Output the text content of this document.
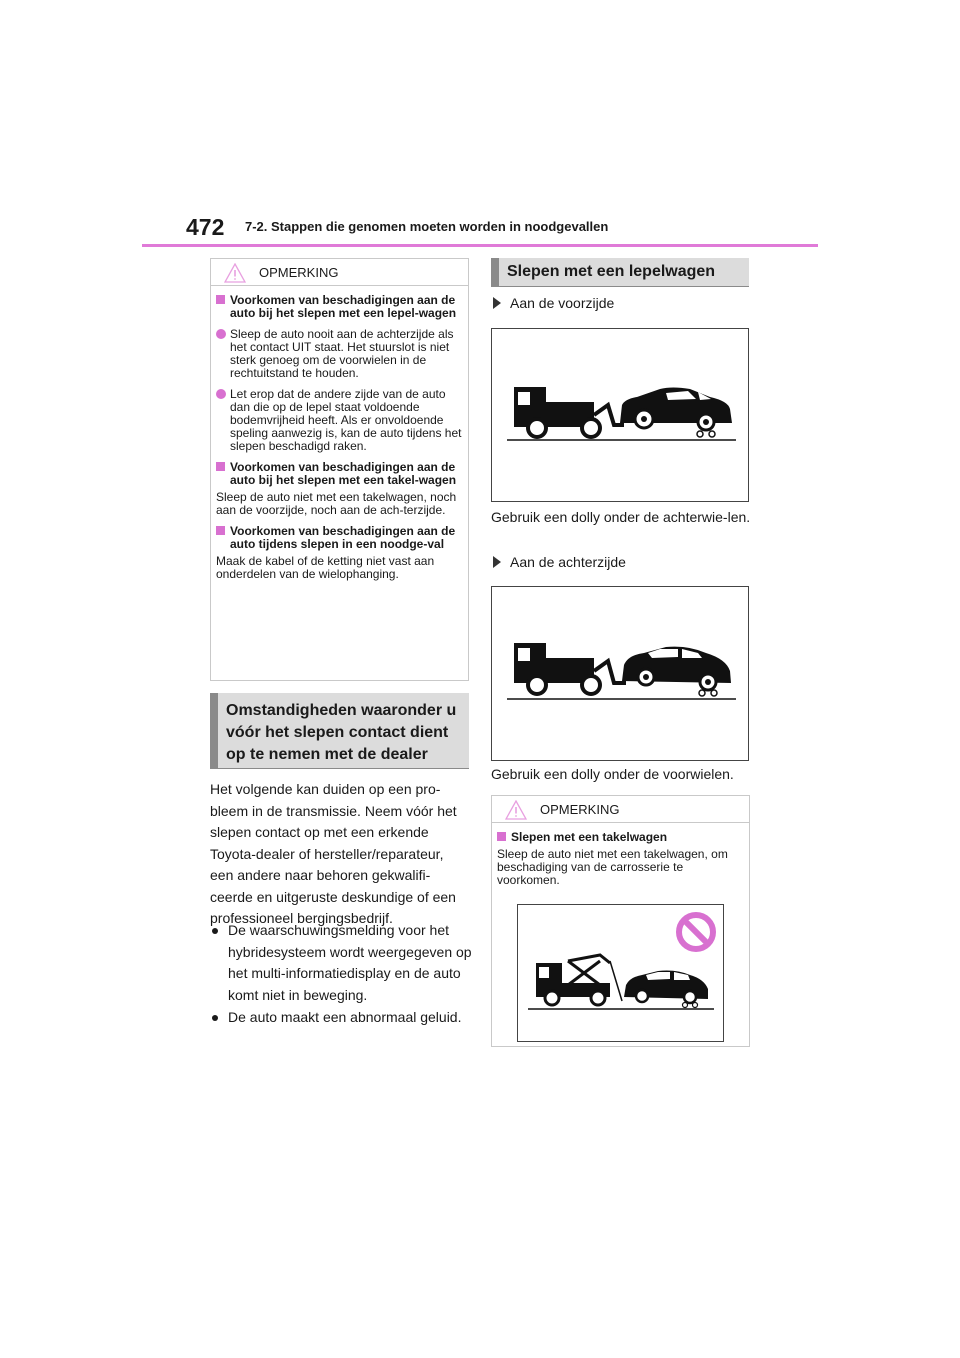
472 7-2. Stappen die genomen moeten worden in noodgevallen
OPMERKING
Voorkomen van beschadigingen aan de auto bij het slepen met een lepel-wagen
Sleep de auto nooit aan de achterzijde als het contact UIT staat. Het stuurslot is niet sterk genoeg om de voorwielen in de rechtuitstand te houden.
Let erop dat de andere zijde van de auto dan die op de lepel staat voldoende bodemvrijheid heeft. Als er onvoldoende speling aanwezig is, kan de auto tijdens het slepen beschadigd raken.
Voorkomen van beschadigingen aan de auto bij het slepen met een takel-wagen
Sleep de auto niet met een takelwagen, noch aan de voorzijde, noch aan de ach-terzijde.
Voorkomen van beschadigingen aan de auto tijdens slepen in een noodge-val
Maak de kabel of de ketting niet vast aan onderdelen van de wielophanging.
Omstandigheden waaronder u vóór het slepen contact dient op te nemen met de dealer
Het volgende kan duiden op een pro-bleem in de transmissie. Neem vóór het slepen contact op met een erkende Toyota-dealer of hersteller/reparateur, een andere naar behoren gekwalifi-ceerde en uitgeruste deskundige of een professioneel bergingsbedrijf.
De waarschuwingsmelding voor het hybridesysteem wordt weergegeven op het multi-informatiedisplay en de auto komt niet in beweging.
De auto maakt een abnormaal geluid.
Slepen met een lepelwagen
Aan de voorzijde
Gebruik een dolly onder de achterwie-len.
Aan de achterzijde
Gebruik een dolly onder de voorwielen.
OPMERKING
Slepen met een takelwagen
Sleep de auto niet met een takelwagen, om beschadiging van de carrosserie te voorkomen.
